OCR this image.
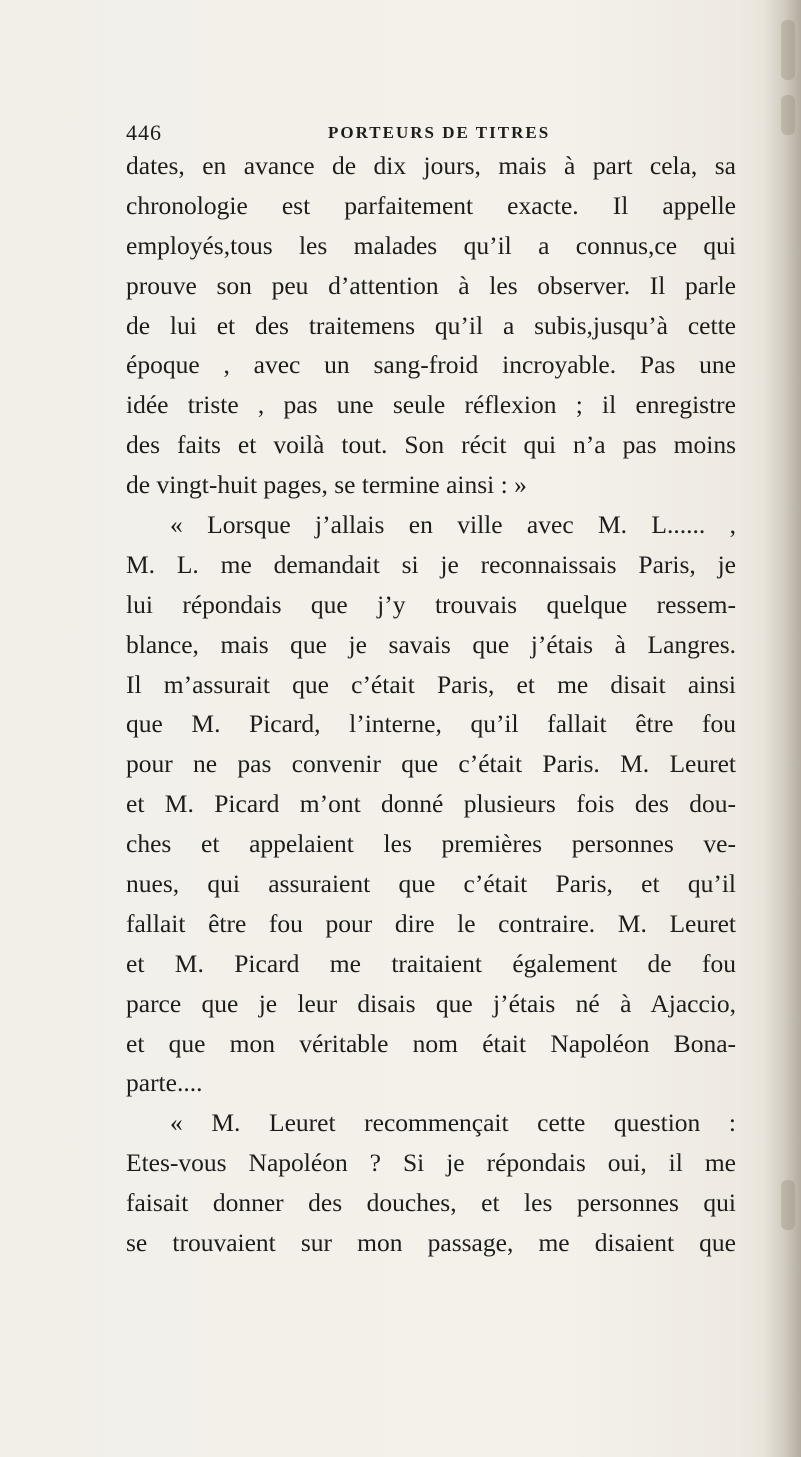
446	PORTEURS DE TITRES
dates, en avance de dix jours, mais à part cela, sa
chronologie est parfaitement exacte. Il appelle
employés,tous les malades qu’il a connus,ce qui
prouve son peu d’attention à les observer. Il parle
de lui et des traitemens qu’il a subis,jusqu’à cette
époque , avec un sang-froid incroyable. Pas une
idée triste , pas une seule réflexion ; il enregistre
des faits et voilà tout. Son récit qui n’a pas moins
de vingt-huit pages, se termine ainsi : »
« Lorsque j’allais en ville avec M. L...... ,
M. L. me demandait si je reconnaissais Paris, je
lui répondais que j’y trouvais quelque ressem-
blance, mais que je savais que j’étais à Langres.
Il m’assurait que c’était Paris, et me disait ainsi
que M. Picard, l’interne, qu’il fallait être fou
pour ne pas convenir que c’était Paris. M. Leuret
et M. Picard m’ont donné plusieurs fois des dou-
ches et appelaient les premières personnes ve-
nues, qui assuraient que c’était Paris, et qu’il
fallait être fou pour dire le contraire. M. Leuret
et M. Picard me traitaient également de fou
parce que je leur disais que j’étais né à Ajaccio,
et que mon véritable nom était Napoléon Bona-
parte....
« M. Leuret recommençait cette question :
Etes-vous Napoléon ? Si je répondais oui, il me
faisait donner des douches, et les personnes qui
se trouvaient sur mon passage, me disaient que
